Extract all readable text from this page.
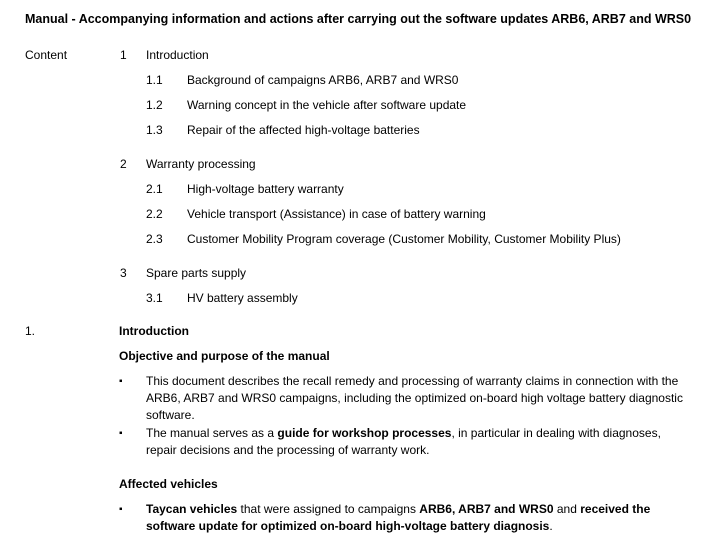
Manual - Accompanying information and actions after carrying out the software updates ARB6, ARB7 and WRS0
Content	1 Introduction
1.1 Background of campaigns ARB6, ARB7 and WRS0
1.2 Warning concept in the vehicle after software update
1.3 Repair of the affected high-voltage batteries
2 Warranty processing
2.1 High-voltage battery warranty
2.2 Vehicle transport (Assistance) in case of battery warning
2.3 Customer Mobility Program coverage (Customer Mobility, Customer Mobility Plus)
3 Spare parts supply
3.1 HV battery assembly
1.	Introduction
Objective and purpose of the manual
▪ This document describes the recall remedy and processing of warranty claims in connection with the ARB6, ARB7 and WRS0 campaigns, including the optimized on-board high voltage battery diagnostic software.
▪ The manual serves as a guide for workshop processes, in particular in dealing with diagnoses, repair decisions and the processing of warranty work.
Affected vehicles
▪ Taycan vehicles that were assigned to campaigns ARB6, ARB7 and WRS0 and received the software update for optimized on-board high-voltage battery diagnosis.
